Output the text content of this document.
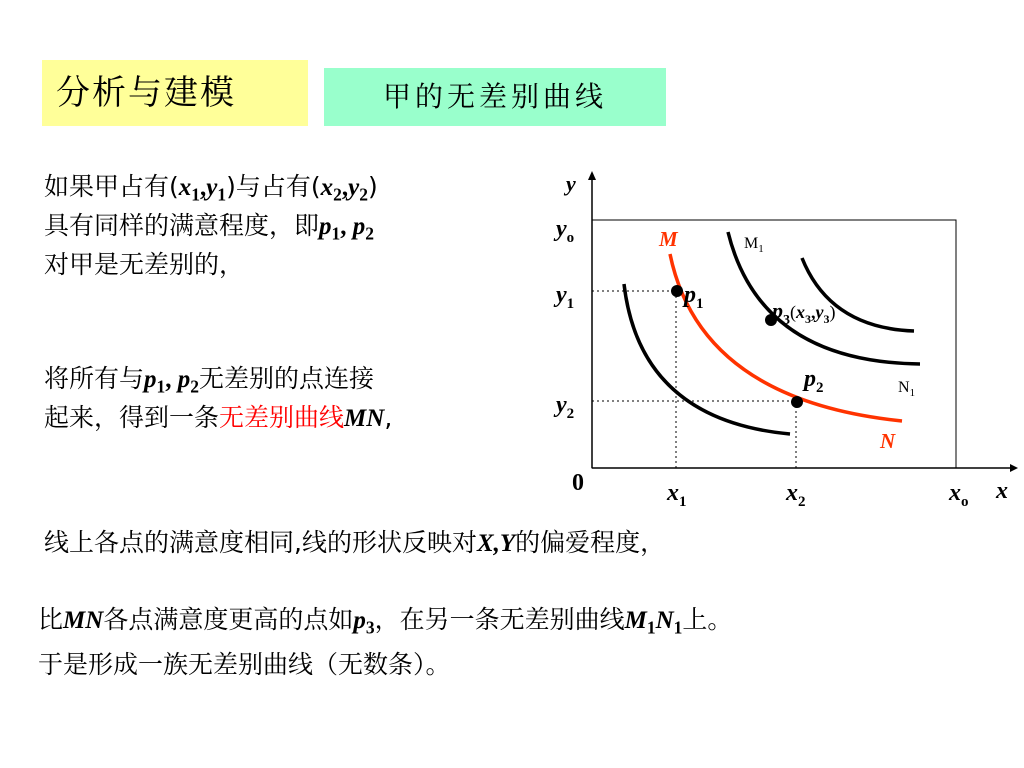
分析与建模	甲的无差别曲线
如果甲占有$(x_1,y_1)$与占有$(x_2,y_2)$
具有同样的满意程度，即$p_1$, $p_2$
对甲是无差别的，
将所有与$p_1$, $p_2$无差别的点连接
起来，得到一条无差别曲线MN,
线上各点的满意度相同,线的形状反映对X,Y的偏爱程度，
比MN各点满意度更高的点如$p_3$，在另一条无差别曲线$M_1N_1$上。
于是形成一族无差别曲线（无数条）。
y
x
0
$y_o$
$y_1$
$y_2$
$x_1$	$x_2$	$x_o$
M
N
$M_1$
$N_1$
$p_1$
$p_2$
$p_3^(x_3^,y_3^)$
